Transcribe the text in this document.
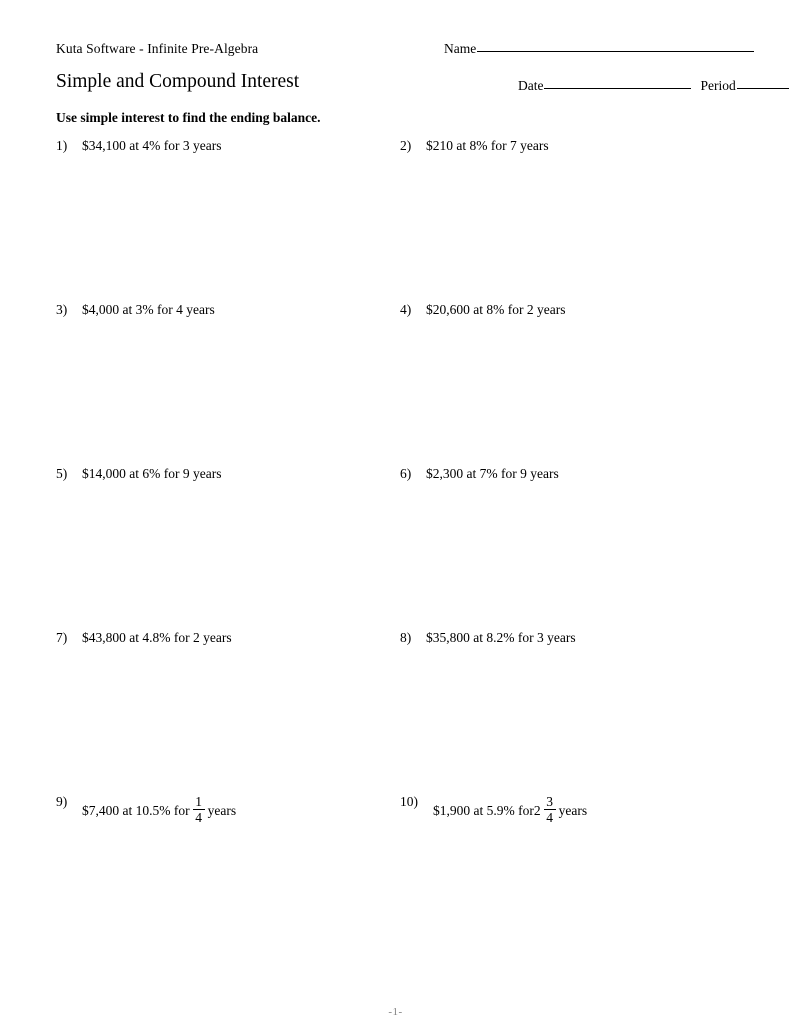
Kuta Software - Infinite Pre-Algebra
Simple and Compound Interest
Use simple interest to find the ending balance.
Name
Date	Period
1)	$34,100 at 4% for 3 years	2)	$210 at 8% for 7 years
3)	$4,000 at 3% for 4 years	4)	$20,600 at 8% for 2 years
5)	$14,000 at 6% for 9 years	6)	$2,300 at 7% for 9 years
7)	$43,800 at 4.8% for 2 years	8)	$35,800 at 8.2% for 3 years
9)
$7,400 at 10.5% for $\frac{1}{4}$ years
10)
$1,900 at 5.9% for $2 \frac{3}{4}$ years
-1-
